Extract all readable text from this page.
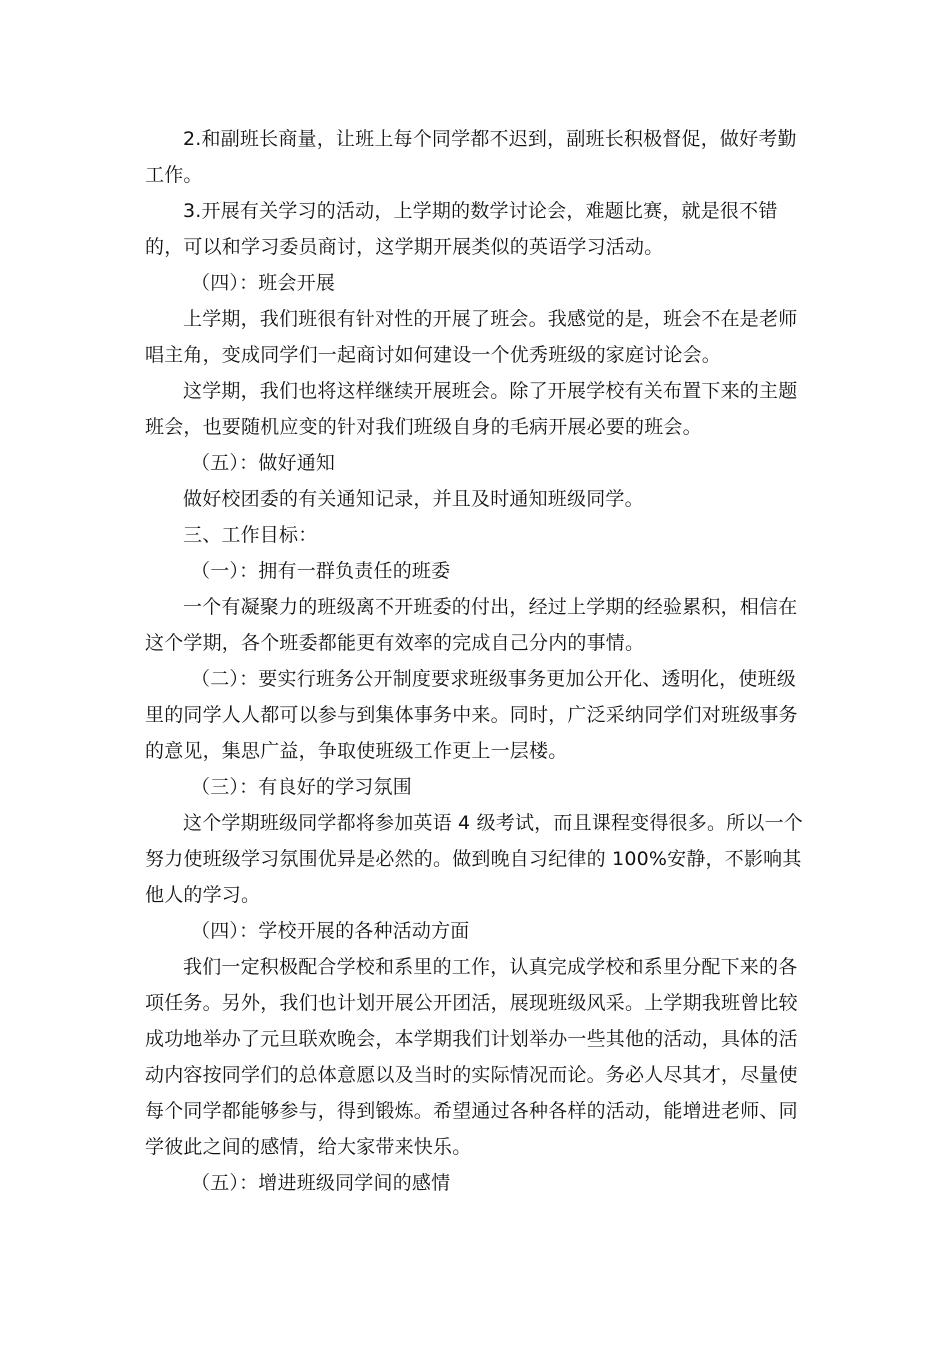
2.和副班长商量，让班上每个同学都不迟到，副班长积极督促，做好考勤

工作。

3.开展有关学习的活动，上学期的数学讨论会，难题比赛，就是很不错

的，可以和学习委员商讨，这学期开展类似的英语学习活动。

（四）：班会开展

上学期，我们班很有针对性的开展了班会。我感觉的是，班会不在是老师

唱主角，变成同学们一起商讨如何建设一个优秀班级的家庭讨论会。

这学期，我们也将这样继续开展班会。除了开展学校有关布置下来的主题

班会，也要随机应变的针对我们班级自身的毛病开展必要的班会。

（五）：做好通知

做好校团委的有关通知记录，并且及时通知班级同学。

三、工作目标：

（一）：拥有一群负责任的班委

一个有凝聚力的班级离不开班委的付出，经过上学期的经验累积，相信在

这个学期，各个班委都能更有效率的完成自己分内的事情。

（二）：要实行班务公开制度要求班级事务更加公开化、透明化，使班级

里的同学人人都可以参与到集体事务中来。同时，广泛采纳同学们对班级事务

的意见，集思广益，争取使班级工作更上一层楼。

（三）：有良好的学习氛围

这个学期班级同学都将参加英语 4 级考试，而且课程变得很多。所以一个

努力使班级学习氛围优异是必然的。做到晚自习纪律的 100%安静，不影响其

他人的学习。

（四）：学校开展的各种活动方面

我们一定积极配合学校和系里的工作，认真完成学校和系里分配下来的各

项任务。另外，我们也计划开展公开团活，展现班级风采。上学期我班曾比较

成功地举办了元旦联欢晚会，本学期我们计划举办一些其他的活动，具体的活

动内容按同学们的总体意愿以及当时的实际情况而论。务必人尽其才，尽量使

每个同学都能够参与，得到锻炼。希望通过各种各样的活动，能增进老师、同

学彼此之间的感情，给大家带来快乐。

（五）：增进班级同学间的感情
